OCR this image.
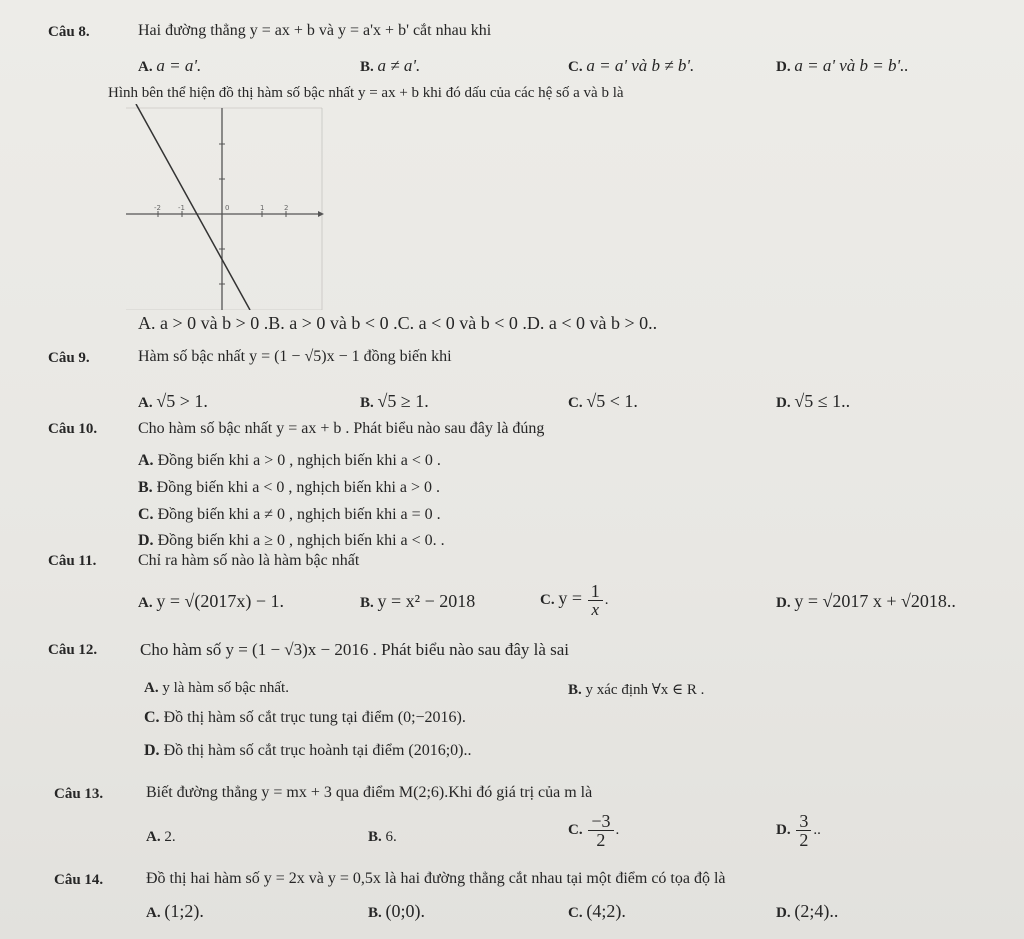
Câu 8.	Hai đường thẳng y = ax + b và y = a'x + b' cắt nhau khi
A. a = a'.	B. a ≠ a'.	C. a = a' và b ≠ b'.	D. a = a' và b = b'..
Hình bên thể hiện đồ thị hàm số bậc nhất y = ax + b khi đó dấu của các hệ số a và b là
-2 -1	0	1	2
A. a > 0 và b > 0 .B. a > 0 và b < 0 .C. a < 0 và b < 0 .D. a < 0 và b > 0..
Câu 9.	Hàm số bậc nhất y = (1 − √5)x − 1 đồng biến khi
A. √5 > 1.	B. √5 ≥ 1.	C. √5 < 1.	D. √5 ≤ 1..
Câu 10.	Cho hàm số bậc nhất y = ax + b . Phát biểu nào sau đây là đúng
A. Đồng biến khi a > 0 , nghịch biến khi a < 0 .
B. Đồng biến khi a < 0 , nghịch biến khi a > 0 .
C. Đồng biến khi a ≠ 0 , nghịch biến khi a = 0 .
D. Đồng biến khi a ≥ 0 , nghịch biến khi a < 0. .
Câu 11.	Chỉ ra hàm số nào là hàm bậc nhất
A. y = √(2017x) − 1.	B. y = x² − 2018	C. $y = \frac{1}{x}$ .	D. y = √2017 x + √2018..
Câu 12.	Cho hàm số y = (1 − √3)x − 2016 . Phát biểu nào sau đây là sai
A. y là hàm số bậc nhất.	B. y xác định ∀x ∈ R .
C. Đồ thị hàm số cắt trục tung tại điểm (0;−2016).
D. Đồ thị hàm số cắt trục hoành tại điểm (2016;0)..
Câu 13.	Biết đường thẳng y = mx + 3 qua điểm M(2;6).Khi đó giá trị của m là
A. 2.	B. 6.	C. $\frac{-3}{2}$ .	D. $\frac{3}{2}$ ..
Câu 14.	Đồ thị hai hàm số y = 2x và y = 0,5x là hai đường thẳng cắt nhau tại một điểm có tọa độ là
A. (1;2).	B. (0;0).	C. (4;2).	D. (2;4)..
